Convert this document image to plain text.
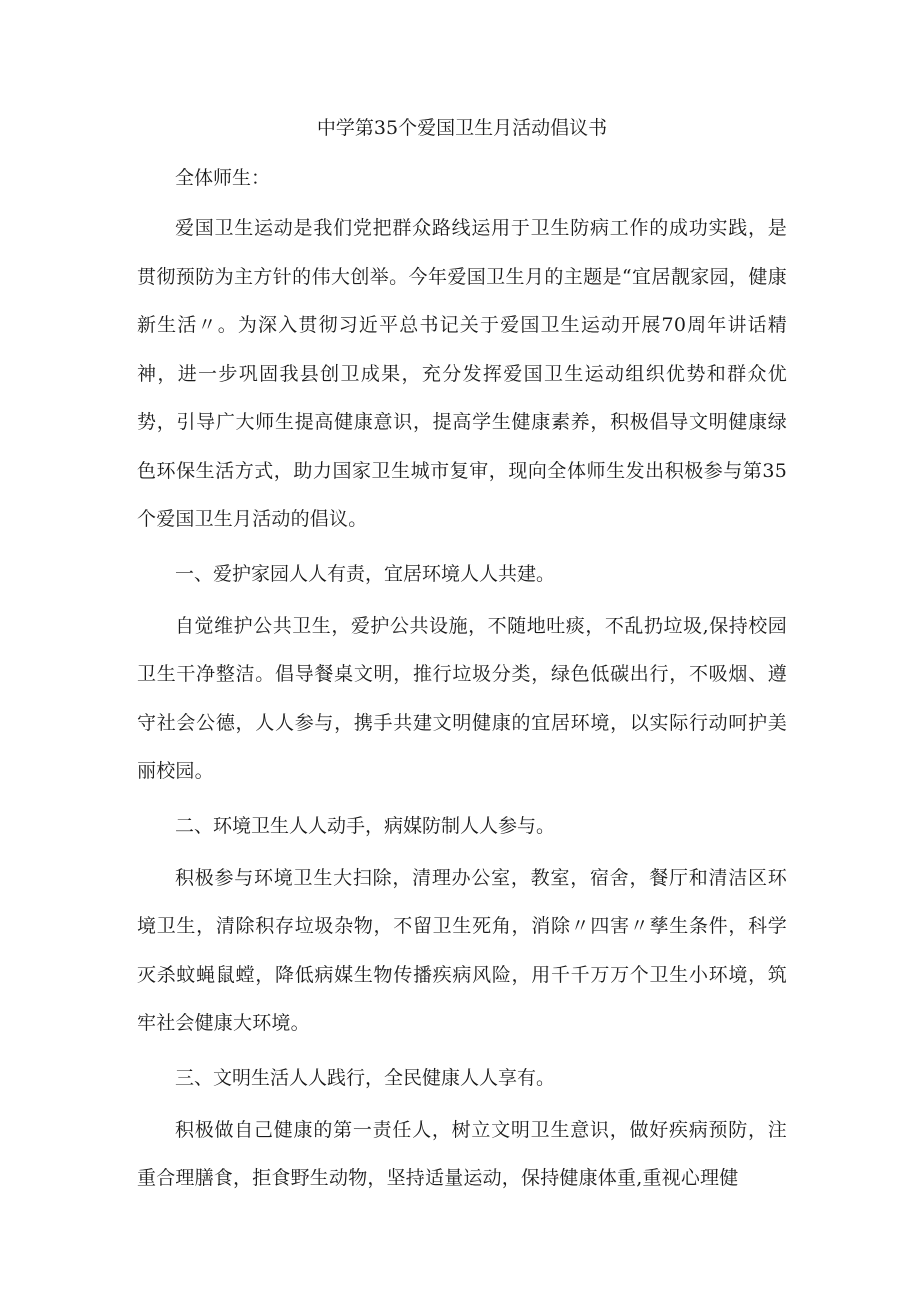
中学第35个爱国卫生月活动倡议书

全体师生：

爱国卫生运动是我们党把群众路线运用于卫生防病工作的成功实践，是贯彻预防为主方针的伟大创举。今年爱国卫生月的主题是“宜居靓家园，健康新生活〃。为深入贯彻习近平总书记关于爱国卫生运动开展70周年讲话精神，进一步巩固我县创卫成果，充分发挥爱国卫生运动组织优势和群众优势，引导广大师生提高健康意识，提高学生健康素养，积极倡导文明健康绿色环保生活方式，助力国家卫生城市复审，现向全体师生发出积极参与第35个爱国卫生月活动的倡议。

一、爱护家园人人有责，宜居环境人人共建。

自觉维护公共卫生，爱护公共设施，不随地吐痰，不乱扔垃圾,保持校园卫生干净整洁。倡导餐桌文明，推行垃圾分类，绿色低碳出行，不吸烟、遵守社会公德，人人参与，携手共建文明健康的宜居环境，以实际行动呵护美丽校园。

二、环境卫生人人动手，病媒防制人人参与。

积极参与环境卫生大扫除，清理办公室，教室，宿舍，餐厅和清洁区环境卫生，清除积存垃圾杂物，不留卫生死角，消除〃四害〃孳生条件，科学灭杀蚊蝇鼠螳，降低病媒生物传播疾病风险，用千千万万个卫生小环境，筑牢社会健康大环境。

三、文明生活人人践行，全民健康人人享有。

积极做自己健康的第一责任人，树立文明卫生意识，做好疾病预防，注重合理膳食，拒食野生动物，坚持适量运动，保持健康体重,重视心理健
